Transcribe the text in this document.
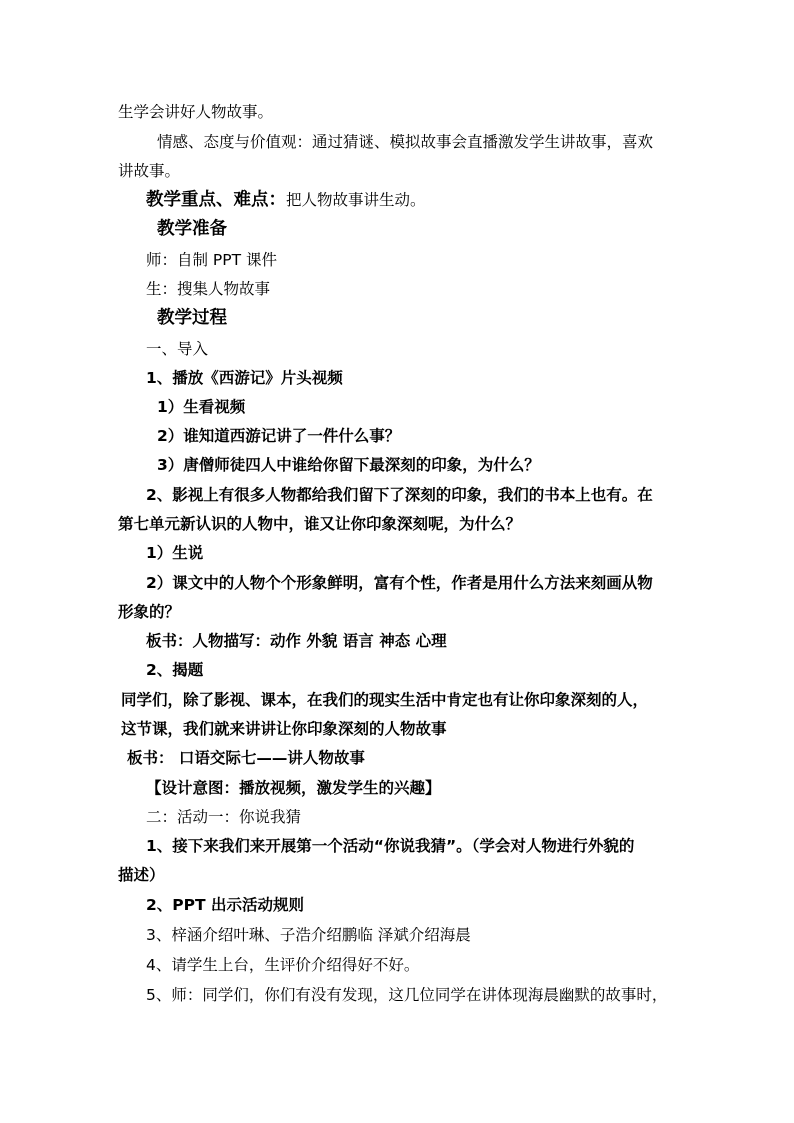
生学会讲好人物故事。
情感、态度与价值观：通过猜谜、模拟故事会直播激发学生讲故事，喜欢
讲故事。
教学重点、难点：把人物故事讲生动。
教学准备
师：自制 PPT 课件
生：搜集人物故事
教学过程
一、导入
1、播放《西游记》片头视频
1）生看视频
2）谁知道西游记讲了一件什么事？
3）唐僧师徒四人中谁给你留下最深刻的印象，为什么？
2、影视上有很多人物都给我们留下了深刻的印象，我们的书本上也有。在
第七单元新认识的人物中，谁又让你印象深刻呢，为什么？
1）生说
2）课文中的人物个个形象鲜明，富有个性，作者是用什么方法来刻画从物
形象的？
板书：人物描写：动作 外貌 语言 神态 心理
2、揭题
同学们，除了影视、课本，在我们的现实生活中肯定也有让你印象深刻的人，
这节课，我们就来讲讲让你印象深刻的人物故事
板书： 口语交际七——讲人物故事
【设计意图：播放视频，激发学生的兴趣】
二：活动一：你说我猜
1、接下来我们来开展第一个活动“你说我猜”。（学会对人物进行外貌的
描述）
2、PPT 出示活动规则
3、梓涵介绍叶琳、子浩介绍鹏临 泽斌介绍海晨
4、请学生上台，生评价介绍得好不好。
5、师：同学们，你们有没有发现，这几位同学在讲体现海晨幽默的故事时，
